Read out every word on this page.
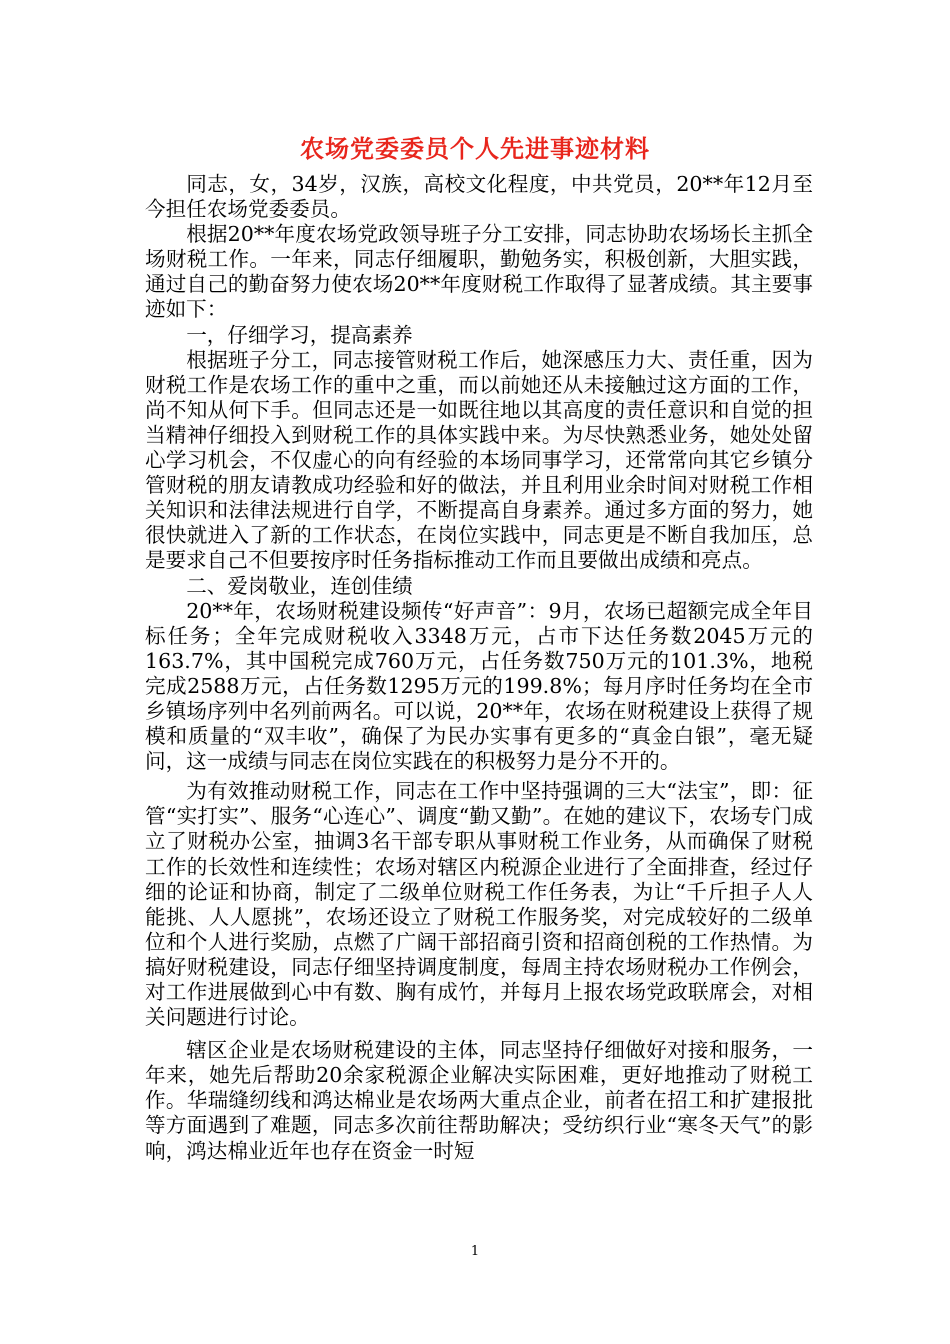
农场党委委员个人先进事迹材料

同志，女，34岁，汉族，高校文化程度，中共党员，20**年12月至今担任农场党委委员。

根据20**年度农场党政领导班子分工安排，同志协助农场场长主抓全场财税工作。一年来，同志仔细履职，勤勉务实，积极创新，大胆实践，通过自己的勤奋努力使农场20**年度财税工作取得了显著成绩。其主要事迹如下：

一，仔细学习，提高素养

根据班子分工，同志接管财税工作后，她深感压力大、责任重，因为财税工作是农场工作的重中之重，而以前她还从未接触过这方面的工作，尚不知从何下手。但同志还是一如既往地以其高度的责任意识和自觉的担当精神仔细投入到财税工作的具体实践中来。为尽快熟悉业务，她处处留心学习机会，不仅虚心的向有经验的本场同事学习，还常常向其它乡镇分管财税的朋友请教成功经验和好的做法，并且利用业余时间对财税工作相关知识和法律法规进行自学，不断提高自身素养。通过多方面的努力，她很快就进入了新的工作状态，在岗位实践中，同志更是不断自我加压，总是要求自己不但要按序时任务指标推动工作而且要做出成绩和亮点。

二、爱岗敬业，连创佳绩

20**年，农场财税建设频传“好声音”：9月，农场已超额完成全年目标任务；全年完成财税收入3348万元，占市下达任务数2045万元的163.7%，其中国税完成760万元，占任务数750万元的101.3%，地税完成2588万元，占任务数1295万元的199.8%；每月序时任务均在全市乡镇场序列中名列前两名。可以说，20**年，农场在财税建设上获得了规模和质量的“双丰收”，确保了为民办实事有更多的“真金白银”，毫无疑问，这一成绩与同志在岗位实践在的积极努力是分不开的。

为有效推动财税工作，同志在工作中坚持强调的三大“法宝”，即：征管“实打实”、服务“心连心”、调度“勤又勤”。在她的建议下，农场专门成立了财税办公室，抽调3名干部专职从事财税工作业务，从而确保了财税工作的长效性和连续性；农场对辖区内税源企业进行了全面排查，经过仔细的论证和协商，制定了二级单位财税工作任务表，为让“千斤担子人人能挑、人人愿挑”，农场还设立了财税工作服务奖，对完成较好的二级单位和个人进行奖励，点燃了广阔干部招商引资和招商创税的工作热情。为搞好财税建设，同志仔细坚持调度制度，每周主持农场财税办工作例会，对工作进展做到心中有数、胸有成竹，并每月上报农场党政联席会，对相关问题进行讨论。

辖区企业是农场财税建设的主体，同志坚持仔细做好对接和服务，一年来，她先后帮助20余家税源企业解决实际困难，更好地推动了财税工作。华瑞缝纫线和鸿达棉业是农场两大重点企业，前者在招工和扩建报批等方面遇到了难题，同志多次前往帮助解决；受纺织行业“寒冬天气”的影响，鸿达棉业近年也存在资金一时短

1
